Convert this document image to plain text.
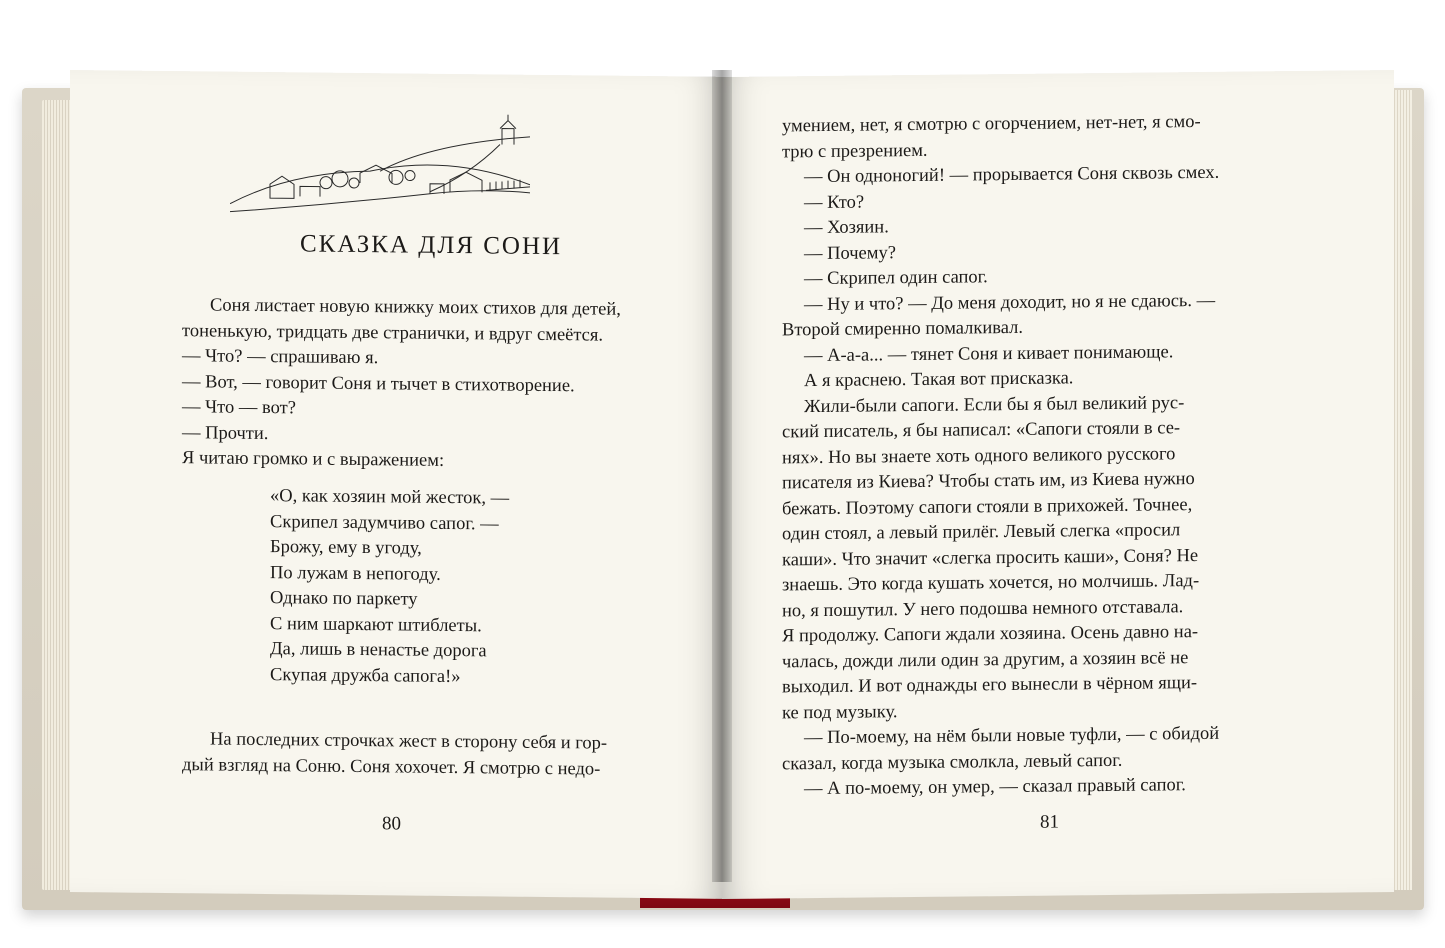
СКАЗКА ДЛЯ СОНИ
Соня листает новую книжку моих стихов для детей,
тоненькую, тридцать две странички, и вдруг смеётся.
— Что? — спрашиваю я.
— Вот, — говорит Соня и тычет в стихотворение.
— Что — вот?
— Прочти.
Я читаю громко и с выражением:
«О, как хозяин мой жесток, —
Скрипел задумчиво сапог. —
Брожу, ему в угоду,
По лужам в непогоду.
Однако по паркету
С ним шаркают штиблеты.
Да, лишь в ненастье дорога
Скупая дружба сапога!»
На последних строчках жест в сторону себя и гор-
дый взгляд на Соню. Соня хохочет. Я смотрю с недо-
80
умением, нет, я смотрю с огорчением, нет-нет, я смо-
трю с презрением.
— Он одноногий! — прорывается Соня сквозь смех.
— Кто?
— Хозяин.
— Почему?
— Скрипел один сапог.
— Ну и что? — До меня доходит, но я не сдаюсь. —
Второй смиренно помалкивал.
— А-а-а... — тянет Соня и кивает понимающе.
А я краснею. Такая вот присказка.
Жили-были сапоги. Если бы я был великий рус-
ский писатель, я бы написал: «Сапоги стояли в се-
нях». Но вы знаете хоть одного великого русского
писателя из Киева? Чтобы стать им, из Киева нужно
бежать. Поэтому сапоги стояли в прихожей. Точнее,
один стоял, а левый прилёг. Левый слегка «просил
каши». Что значит «слегка просить каши», Соня? Не
знаешь. Это когда кушать хочется, но молчишь. Лад-
но, я пошутил. У него подошва немного отставала.
Я продолжу. Сапоги ждали хозяина. Осень давно на-
чалась, дожди лили один за другим, а хозяин всё не
выходил. И вот однажды его вынесли в чёрном ящи-
ке под музыку.
— По-моему, на нём были новые туфли, — с обидой
сказал, когда музыка смолкла, левый сапог.
— А по-моему, он умер, — сказал правый сапог.
81
